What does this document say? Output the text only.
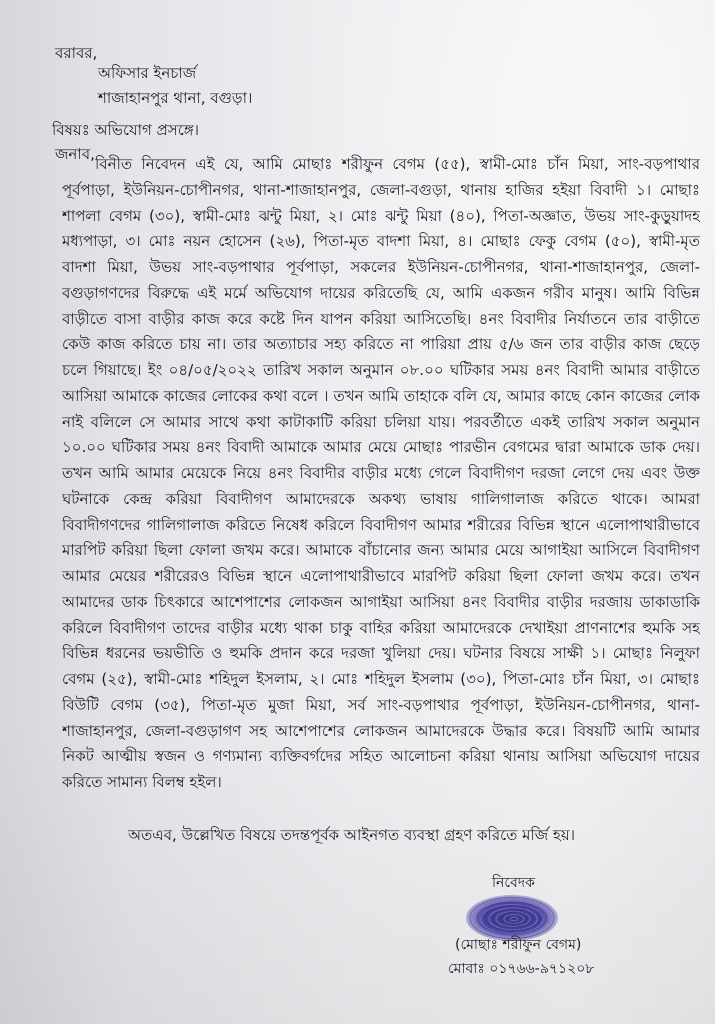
বরাবর,
অফিসার ইনচার্জ
শাজাহানপুর থানা, বগুড়া।
বিষয়ঃ অভিযোগ প্রসঙ্গে।
জনাব,
বিনীত নিবেদন এই যে, আমি মোছাঃ শরীফুন বেগম (৫৫), স্বামী-মোঃ চাঁন মিয়া, সাং-বড়পাথার
পূর্বপাড়া, ইউনিয়ন-চোপীনগর, থানা-শাজাহানপুর, জেলা-বগুড়া, থানায় হাজির হইয়া বিবাদী ১। মোছাঃ
শাপলা বেগম (৩০), স্বামী-মোঃ ঝন্টু মিয়া, ২। মোঃ ঝন্টু মিয়া (৪০), পিতা-অজ্ঞাত, উভয় সাং-কুড়ুয়াদহ
মধ্যপাড়া, ৩। মোঃ নয়ন হোসেন (২৬), পিতা-মৃত বাদশা মিয়া, ৪। মোছাঃ ফেকু বেগম (৫০), স্বামী-মৃত
বাদশা মিয়া, উভয় সাং-বড়পাথার পূর্বপাড়া, সকলের ইউনিয়ন-চোপীনগর, থানা-শাজাহানপুর, জেলা-
বগুড়াগণদের বিরুদ্ধে এই মর্মে অভিযোগ দায়ের করিতেছি যে, আমি একজন গরীব মানুষ। আমি বিভিন্ন
বাড়ীতে বাসা বাড়ীর কাজ করে কষ্টে দিন যাপন করিয়া আসিতেছি। ৪নং বিবাদীর নির্যাতনে তার বাড়ীতে
কেউ কাজ করিতে চায় না। তার অত্যাচার সহ্য করিতে না পারিয়া প্রায় ৫/৬ জন তার বাড়ীর কাজ ছেড়ে
চলে গিয়াছে। ইং ০৪/০৫/২০২২ তারিখ সকাল অনুমান ০৮.০০ ঘটিকার সময় ৪নং বিবাদী আমার বাড়ীতে
আসিয়া আমাকে কাজের লোকের কথা বলে । তখন আমি তাহাকে বলি যে, আমার কাছে কোন কাজের লোক
নাই বলিলে সে আমার সাথে কথা কাটাকাটি করিয়া চলিয়া যায়। পরবর্তীতে একই তারিখ সকাল অনুমান
১০.০০ ঘটিকার সময় ৪নং বিবাদী আমাকে আমার মেয়ে মোছাঃ পারভীন বেগমের দ্বারা আমাকে ডাক দেয়।
তখন আমি আমার মেয়েকে নিয়ে ৪নং বিবাদীর বাড়ীর মধ্যে গেলে বিবাদীগণ দরজা লেগে দেয় এবং উক্ত
ঘটনাকে কেন্দ্র করিয়া বিবাদীগণ আমাদেরকে অকথ্য ভাষায় গালিগালাজ করিতে থাকে। আমরা
বিবাদীগণদের গালিগালাজ করিতে নিষেধ করিলে বিবাদীগণ আমার শরীরের বিভিন্ন স্থানে এলোপাথারীভাবে
মারপিট করিয়া ছিলা ফোলা জখম করে। আমাকে বাঁচানোর জন্য আমার মেয়ে আগাইয়া আসিলে বিবাদীগণ
আমার মেয়ের শরীরেরও বিভিন্ন স্থানে এলোপাথারীভাবে মারপিট করিয়া ছিলা ফোলা জখম করে। তখন
আমাদের ডাক চিৎকারে আশেপাশের লোকজন আগাইয়া আসিয়া ৪নং বিবাদীর বাড়ীর দরজায় ডাকাডাকি
করিলে বিবাদীগণ তাদের বাড়ীর মধ্যে থাকা চাকু বাহির করিয়া আমাদেরকে দেখাইয়া প্রাণনাশের হুমকি সহ
বিভিন্ন ধরনের ভয়ভীতি ও হুমকি প্রদান করে দরজা খুলিয়া দেয়। ঘটনার বিষয়ে সাক্ষী ১। মোছাঃ নিলুফা
বেগম (২৫), স্বামী-মোঃ শহিদুল ইসলাম, ২। মোঃ শহিদুল ইসলাম (৩০), পিতা-মোঃ চাঁন মিয়া, ৩। মোছাঃ
বিউটি বেগম (৩৫), পিতা-মৃত মুজা মিয়া, সর্ব সাং-বড়পাথার পূর্বপাড়া, ইউনিয়ন-চোপীনগর, থানা-
শাজাহানপুর, জেলা-বগুড়াগণ সহ আশেপাশের লোকজন আমাদেরকে উদ্ধার করে। বিষয়টি আমি আমার
নিকট আত্মীয় স্বজন ও গণ্যমান্য ব্যক্তিবর্গদের সহিত আলোচনা করিয়া থানায় আসিয়া অভিযোগ দায়ের
করিতে সামান্য বিলম্ব হইল।
অতএব, উল্লেখিত বিষয়ে তদন্তপূর্বক আইনগত ব্যবস্থা গ্রহণ করিতে মর্জি হয়।
নিবেদক
(মোছাঃ শরীফুন বেগম)
মোবাঃ ০১৭৬৬-৯৭১২০৮
